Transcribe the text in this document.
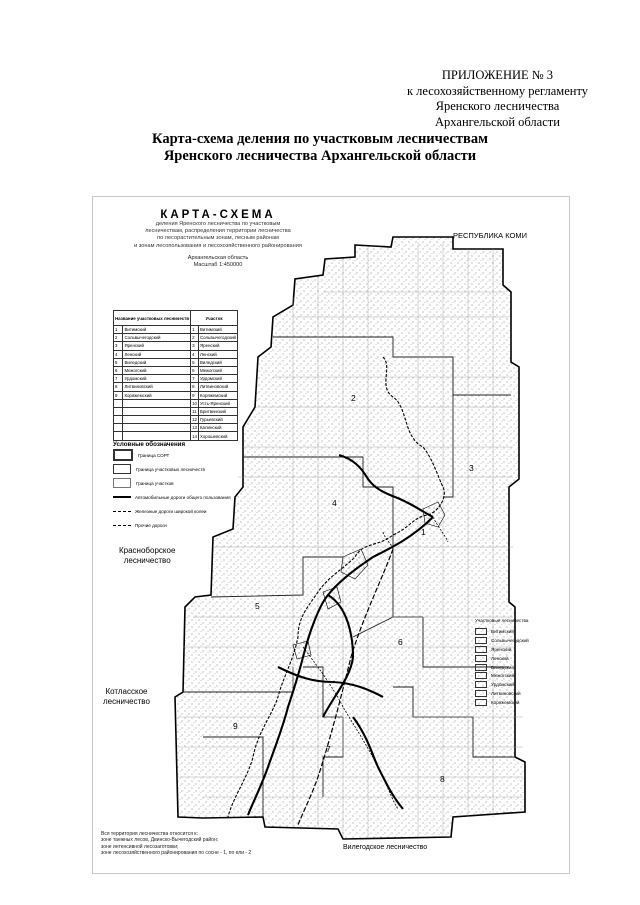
ПРИЛОЖЕНИЕ № 3
к лесохозяйственному регламенту
Яренского лесничества
Архангельской области
Карта-схема деления по участковым лесничествам
Яренского лесничества Архангельской области
КАРТА-СХЕМА
деления Яренского лесничества по участковым
лесничествам, распределения территории лесничества
по лесорастительным зонам, лесным районам
и зонам лесопользования и лесохозяйственного районирования
Архангельская область
Масштаб 1:450000
Название участковых лесничеств		Участок	
1	Витимский	1	Витимский
2	Сольвычегодский	2	Сольвычегодский
3	Яренский	3	Яренский
4	Ленский	4	Ленский
5	Виледский	5	Виледский
6	Межогский	6	Межогский
7	Урдомский	7	Урдомский
8	Литвиновский	8	Литвиновский
9	Коряжемский	9	Коряжемский
		10	Усть-Яренский
		11	Бритвинский
		12	Гурьевский
		13	Калинский
		14	Хорошевский
Условные обозначения
Граница СОРТ
Граница участковых лесничеств
Граница участков
Автомобильные дороги общего пользования
Железные дороги широкой колеи
Прочие дороги
РЕСПУБЛИКА КОМИ
Красноборское
лесничество
Котласское
лесничество
Вилегодское лесничество
2
3
4
5
6
7
8
9
1
Участковые лесничества
Витимский
Сольвычегодский
Яренский
Ленский
Виледский
Межогский
Урдомский
Литвиновский
Коряжемский
Вся территория лесничества относится к:
зоне таежных лесов, Двинско-Вычегодский район;
зоне интенсивной лесозаготовки;
зоне лесохозяйственного районирования по сосне - 1, по ели - 2
